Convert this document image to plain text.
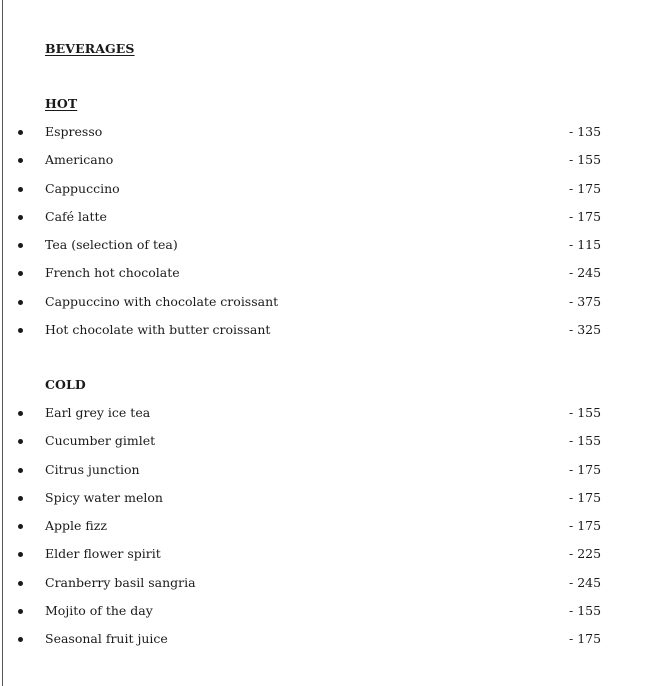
BEVERAGES
HOT
Espresso	- 135
Americano	- 155
Cappuccino	- 175
Café latte	- 175
Tea (selection of tea)	- 115
French hot chocolate	- 245
Cappuccino with chocolate croissant	- 375
Hot chocolate with butter croissant	- 325
COLD
Earl grey ice tea	- 155
Cucumber gimlet	- 155
Citrus junction	- 175
Spicy water melon	- 175
Apple fizz	- 175
Elder flower spirit	- 225
Cranberry basil sangria	- 245
Mojito of the day	- 155
Seasonal fruit juice	- 175
